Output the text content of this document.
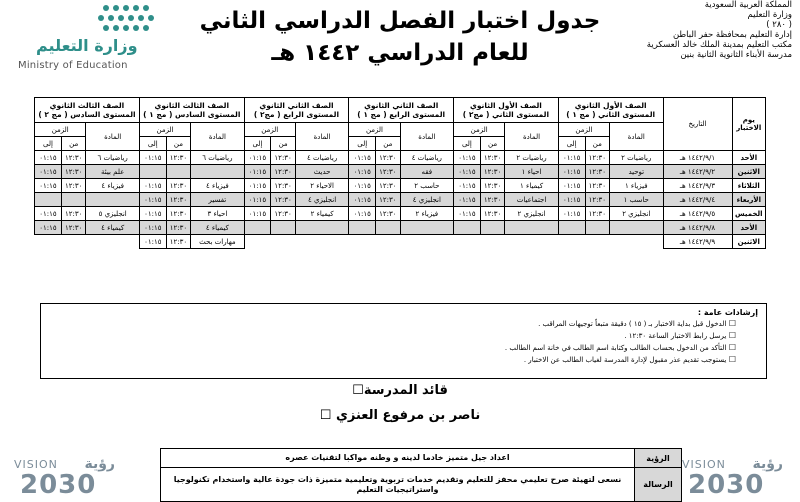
وزارة التعليم
Ministry of Education
جدول اختبار الفصل الدراسي الثاني
للعام الدراسي ١٤٤٢ هـ
المملكة العربية السعودية
وزارة التعليم
( ٢٨٠ )
إدارة التعليم بمحافظة حفر الباطن
مكتب التعليم بمدينة الملك خالد العسكرية
مدرسة الأبناء الثانوية الثانية بنين
يوم الاختبار	التاريخ	الصف الأول الثانوي المستوى الثاني ( مج ١ )			الصف الأول الثانوي المستوى الثاني ( مج٢ )			الصف الثاني الثانوي المستوى الرابع ( مج ١ )			الصف الثاني الثانوي المستوى الرابع ( مج٢ )			الصف الثالث الثانوي المستوى السادس ( مج ١ )			الصف الثالث الثانوي المستوى السادس ( مج ٢ )		
		المادة	الزمن		المادة	الزمن		المادة	الزمن		المادة	الزمن		المادة	الزمن		المادة	الزمن	
			من	إلى		من	إلى		من	إلى		من	إلى		من	إلى		من	إلى
الأحد	١٤٤٢/٩/١ هـ	رياضيات ٢	١٢:٣٠	٠١:١٥	رياضيات ٢	١٢:٣٠	٠١:١٥	رياضيات ٤	١٢:٣٠	٠١:١٥	رياضيات ٤	١٢:٣٠	٠١:١٥	رياضيات ٦	١٢:٣٠	٠١:١٥	رياضيات ٦	١٢:٣٠	٠١:١٥
الاثنين	١٤٤٢/٩/٢ هـ	توحيد	١٢:٣٠	٠١:١٥	احياء ١	١٢:٣٠	٠١:١٥	فقه	١٢:٣٠	٠١:١٥	حديث	١٢:٣٠	٠١:١٥				علم بيئة	١٢:٣٠	٠١:١٥
الثلاثاء	١٤٤٢/٩/٣ هـ	فيزياء ١	١٢:٣٠	٠١:١٥	كيمياء ١	١٢:٣٠	٠١:١٥	حاسب ٢	١٢:٣٠	٠١:١٥	الاحياء ٢	١٢:٣٠	٠١:١٥	فيزياء ٤	١٢:٣٠	٠١:١٥	فيزياء ٤	١٢:٣٠	٠١:١٥
الأربعاء	١٤٤٢/٩/٤ هـ	حاسب ١	١٢:٣٠	٠١:١٥	اجتماعيات	١٢:٣٠	٠١:١٥	انجليزي ٤	١٢:٣٠	٠١:١٥	انجليزي ٤	١٢:٣٠	٠١:١٥	تفسير	١٢:٣٠	٠١:١٥			
الخميس	١٤٤٢/٩/٥ هـ	انجليزي ٢	١٢:٣٠	٠١:١٥	انجليزي ٢	١٢:٣٠	٠١:١٥	فيزياء ٢	١٢:٣٠	٠١:١٥	كيمياء ٢	١٢:٣٠	٠١:١٥	احياء ٣	١٢:٣٠	٠١:١٥	انجليزي ٥	١٢:٣٠	٠١:١٥
الأحد	١٤٤٢/٩/٨ هـ													كيمياء ٤	١٢:٣٠	٠١:١٥	كيمياء ٤	١٢:٣٠	٠١:١٥
الاثنين	١٤٤٢/٩/٩ هـ													مهارات بحث	١٢:٣٠	٠١:١٥			
إرشادات عامة :
☐ الدخول قبل بداية الاختبار بـ ( ١٥ ) دقيقة متبعاً توجيهات المراقب .
☐ يرسل رابط الاختبار الساعة ١٢:٣٠ .
☐ التأكد من الدخول بحساب الطالب وكتابة اسم الطالب في خانة اسم الطالب .
☐ يستوجب تقديم عذر مقبول لإدارة المدرسة لغياب الطالب عن الاختبار .
قائد المدرسة☐
ناصر بن مرفوع العنزي ☐
الرؤية
اعداد جيل متميز خادما لدينه و وطنه مواكبا لتقنيات عصره
الرسالة
نسعى لتهيئة صرح تعليمي محفز للتعليم وتقديم خدمات تربوية وتعليمية متميزة ذات جودة عالية واستخدام تكنولوجيا واستراتيجيات التعليم
VISION رؤية
2030
VISION رؤية
2030
